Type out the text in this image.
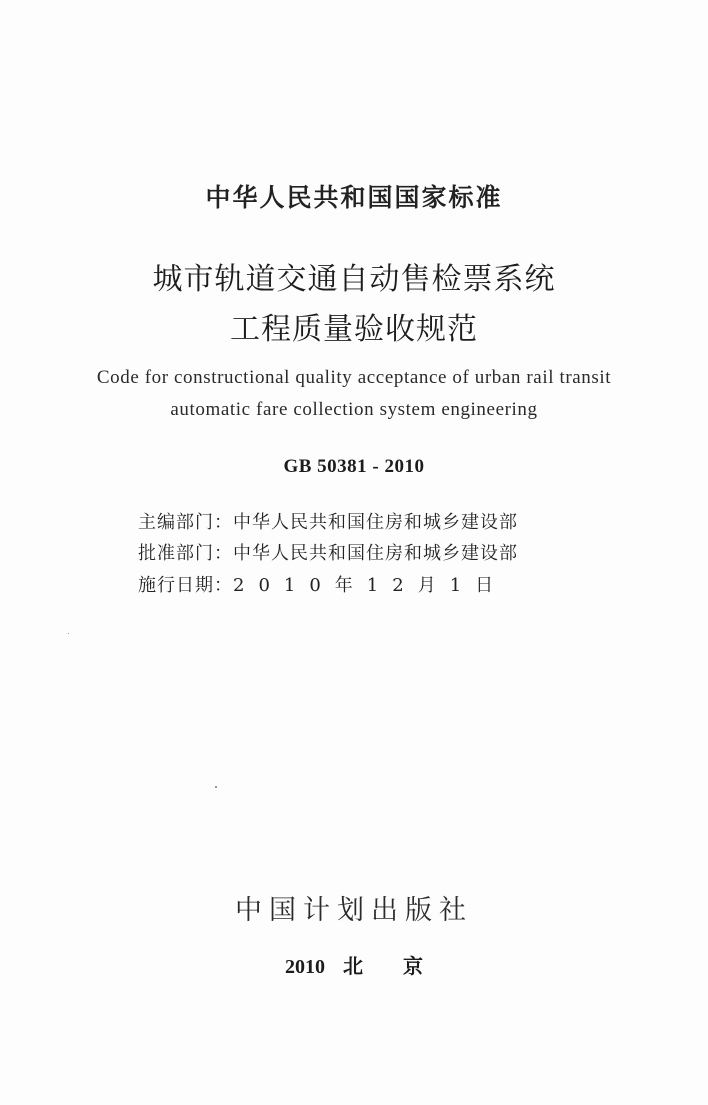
中华人民共和国国家标准
城市轨道交通自动售检票系统
工程质量验收规范
Code for constructional quality acceptance of urban rail transit
automatic fare collection system engineering
GB 50381 - 2010
主编部门：中华人民共和国住房和城乡建设部
批准部门：中华人民共和国住房和城乡建设部
施行日期：2010年12月1日
中国计划出版社
2010 北京
